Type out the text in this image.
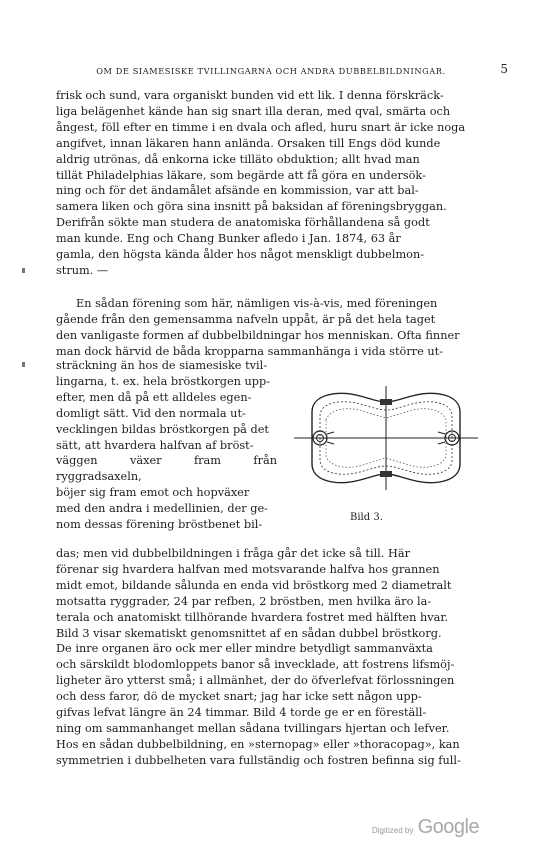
OM DE SIAMESISKE TVILLINGARNA OCH ANDRA DUBBELBILDNINGAR.	5

frisk och sund, vara organiskt bunden vid ett lik. I denna förskräck-
liga belägenhet kände han sig snart illa deran, med qval, smärta och
ångest, föll efter en timme i en dvala och afled, huru snart är icke noga
angifvet, innan läkaren hann anlända. Orsaken till Engs död kunde
aldrig utrönas, då enkorna icke tilläto obduktion; allt hvad man
tillät Philadelphias läkare, som begärde att få göra en undersök-
ning och för det ändamålet afsände en kommission, var att bal-
samera liken och göra sina insnitt på baksidan af föreningsbryggan.
Derifrån sökte man studera de anatomiska förhållandena så godt
man kunde. Eng och Chang Bunker afledo i Jan. 1874, 63 år
gamla, den högsta kända ålder hos något menskligt dubbelmon-
strum. —

En sådan förening som här, nämligen vis-à-vis, med föreningen
gående från den gemensamma nafveln uppåt, är på det hela taget
den vanligaste formen af dubbelbildningar hos menniskan. Ofta finner
man dock härvid de båda kropparna sammanhänga i vida större ut-

sträckning än hos de siamesiske tvil-
lingarna, t. ex. hela bröstkorgen upp-
efter, men då på ett alldeles egen-
domligt sätt. Vid den normala ut-
vecklingen bildas bröstkorgen på det
sätt, att hvardera halfvan af bröst-
väggen växer fram från ryggradsaxeln,
böjer sig fram emot och hopväxer
med den andra i medellinien, der ge-
nom dessas förening bröstbenet bil-

Bild 3.

das; men vid dubbelbildningen i fråga går det icke så till. Här
förenar sig hvardera halfvan med motsvarande halfva hos grannen
midt emot, bildande sålunda en enda vid bröstkorg med 2 diametralt
motsatta ryggrader, 24 par refben, 2 bröstben, men hvilka äro la-
terala och anatomiskt tillhörande hvardera fostret med hälften hvar.
Bild 3 visar skematiskt genomsnittet af en sådan dubbel bröstkorg.
De inre organen äro ock mer eller mindre betydligt sammanväxta
och särskildt blodomloppets banor så invecklade, att fostrens lifsmöj-
ligheter äro ytterst små; i allmänhet, der do öfverlefvat förlossningen
och dess faror, dö de mycket snart; jag har icke sett någon upp-
gifvas lefvat längre än 24 timmar. Bild 4 torde ge er en föreställ-
ning om sammanhanget mellan sådana tvillingars hjertan och lefver.
Hos en sådan dubbelbildning, en »sternopag» eller »thoracopag», kan
symmetrien i dubbelheten vara fullständig och fostren befinna sig full-

Digitized by Google
